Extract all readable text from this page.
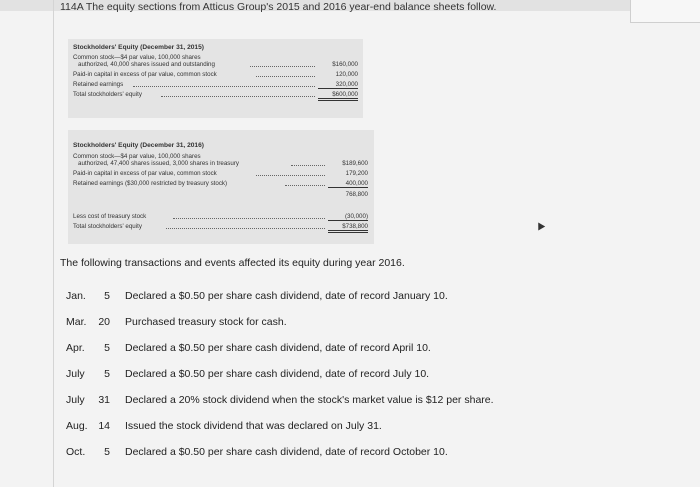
114A The equity sections from Atticus Group's 2015 and 2016 year-end balance sheets follow.
Stockholders' Equity (December 31, 2015)
Common stock—$4 par value, 100,000 shares
authorized, 40,000 shares issued and outstanding	$160,000
Paid-in capital in excess of par value, common stock	120,000
Retained earnings	320,000
Total stockholders' equity	$600,000
Stockholders' Equity (December 31, 2016)
Common stock—$4 par value, 100,000 shares
authorized, 47,400 shares issued, 3,000 shares in treasury	$189,600
Paid-in capital in excess of par value, common stock	179,200
Retained earnings ($30,000 restricted by treasury stock)	400,000
768,800
Less cost of treasury stock	(30,000)
Total stockholders' equity	$738,800
The following transactions and events affected its equity during year 2016.
Jan.	5 Declared a $0.50 per share cash dividend, date of record January 10.
Mar.	20 Purchased treasury stock for cash.
Apr.	5 Declared a $0.50 per share cash dividend, date of record April 10.
July	5 Declared a $0.50 per share cash dividend, date of record July 10.
July	31 Declared a 20% stock dividend when the stock's market value is $12 per share.
Aug.	14 Issued the stock dividend that was declared on July 31.
Oct.	5 Declared a $0.50 per share cash dividend, date of record October 10.
